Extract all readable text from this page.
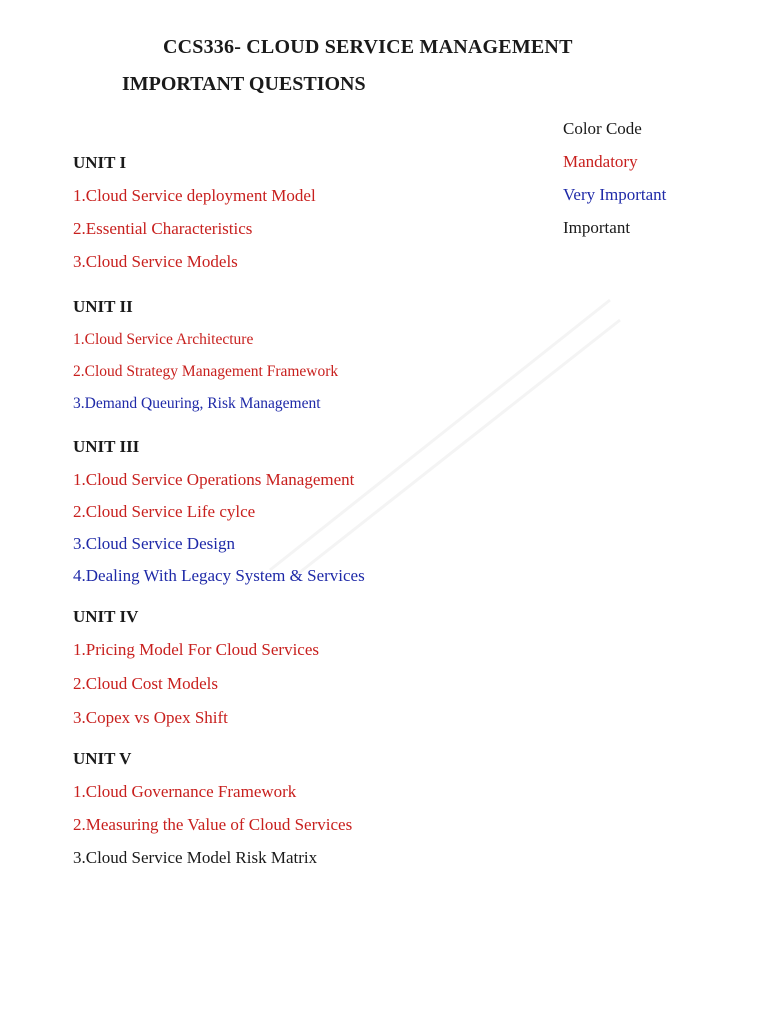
CCS336- CLOUD SERVICE MANAGEMENT
IMPORTANT QUESTIONS
Color Code
Mandatory
Very Important
Important
UNIT I
1.Cloud Service deployment Model
2.Essential Characteristics
3.Cloud Service Models
UNIT II
1.Cloud Service Architecture
2.Cloud Strategy Management Framework
3.Demand Queuring, Risk Management
UNIT III
1.Cloud Service Operations Management
2.Cloud Service Life cylce
3.Cloud Service Design
4.Dealing With Legacy System & Services
UNIT IV
1.Pricing Model For Cloud Services
2.Cloud Cost Models
3.Copex vs Opex Shift
UNIT V
1.Cloud Governance Framework
2.Measuring the Value of Cloud Services
3.Cloud Service Model Risk Matrix
